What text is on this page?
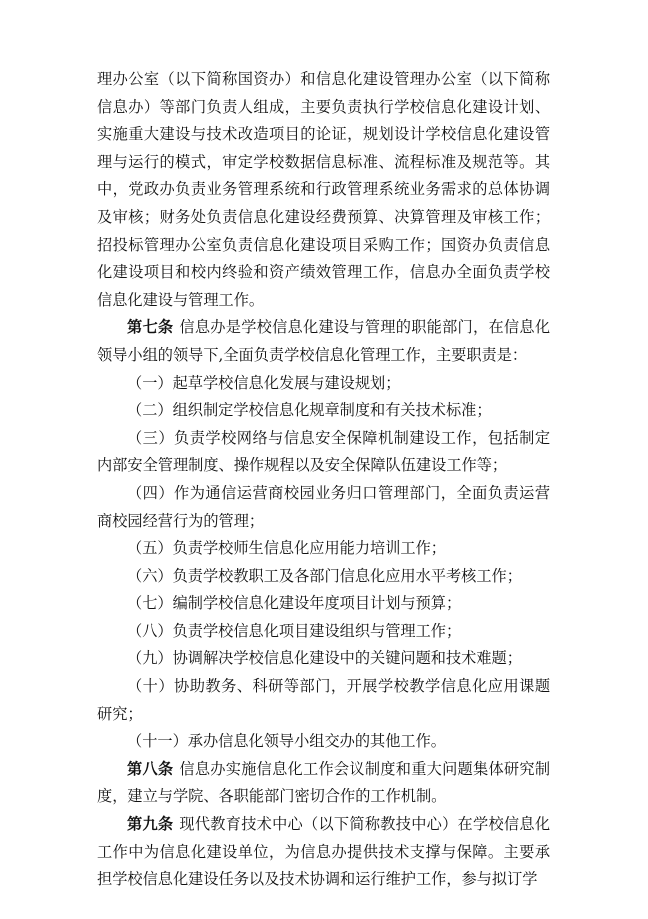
理办公室（以下简称国资办）和信息化建设管理办公室（以下简称信息办）等部门负责人组成，主要负责执行学校信息化建设计划、实施重大建设与技术改造项目的论证，规划设计学校信息化建设管理与运行的模式，审定学校数据信息标准、流程标准及规范等。其中，党政办负责业务管理系统和行政管理系统业务需求的总体协调及审核；财务处负责信息化建设经费预算、决算管理及审核工作；招投标管理办公室负责信息化建设项目采购工作；国资办负责信息化建设项目和校内终验和资产绩效管理工作，信息办全面负责学校信息化建设与管理工作。

第七条 信息办是学校信息化建设与管理的职能部门，在信息化领导小组的领导下,全面负责学校信息化管理工作，主要职责是：

（一）起草学校信息化发展与建设规划；

（二）组织制定学校信息化规章制度和有关技术标准；

（三）负责学校网络与信息安全保障机制建设工作，包括制定内部安全管理制度、操作规程以及安全保障队伍建设工作等；

（四）作为通信运营商校园业务归口管理部门，全面负责运营商校园经营行为的管理；

（五）负责学校师生信息化应用能力培训工作；

（六）负责学校教职工及各部门信息化应用水平考核工作；

（七）编制学校信息化建设年度项目计划与预算；

（八）负责学校信息化项目建设组织与管理工作；

（九）协调解决学校信息化建设中的关键问题和技术难题；

（十）协助教务、科研等部门，开展学校教学信息化应用课题研究；

（十一）承办信息化领导小组交办的其他工作。

第八条 信息办实施信息化工作会议制度和重大问题集体研究制度，建立与学院、各职能部门密切合作的工作机制。

第九条 现代教育技术中心（以下简称教技中心）在学校信息化工作中为信息化建设单位，为信息办提供技术支撑与保障。主要承担学校信息化建设任务以及技术协调和运行维护工作，参与拟订学
